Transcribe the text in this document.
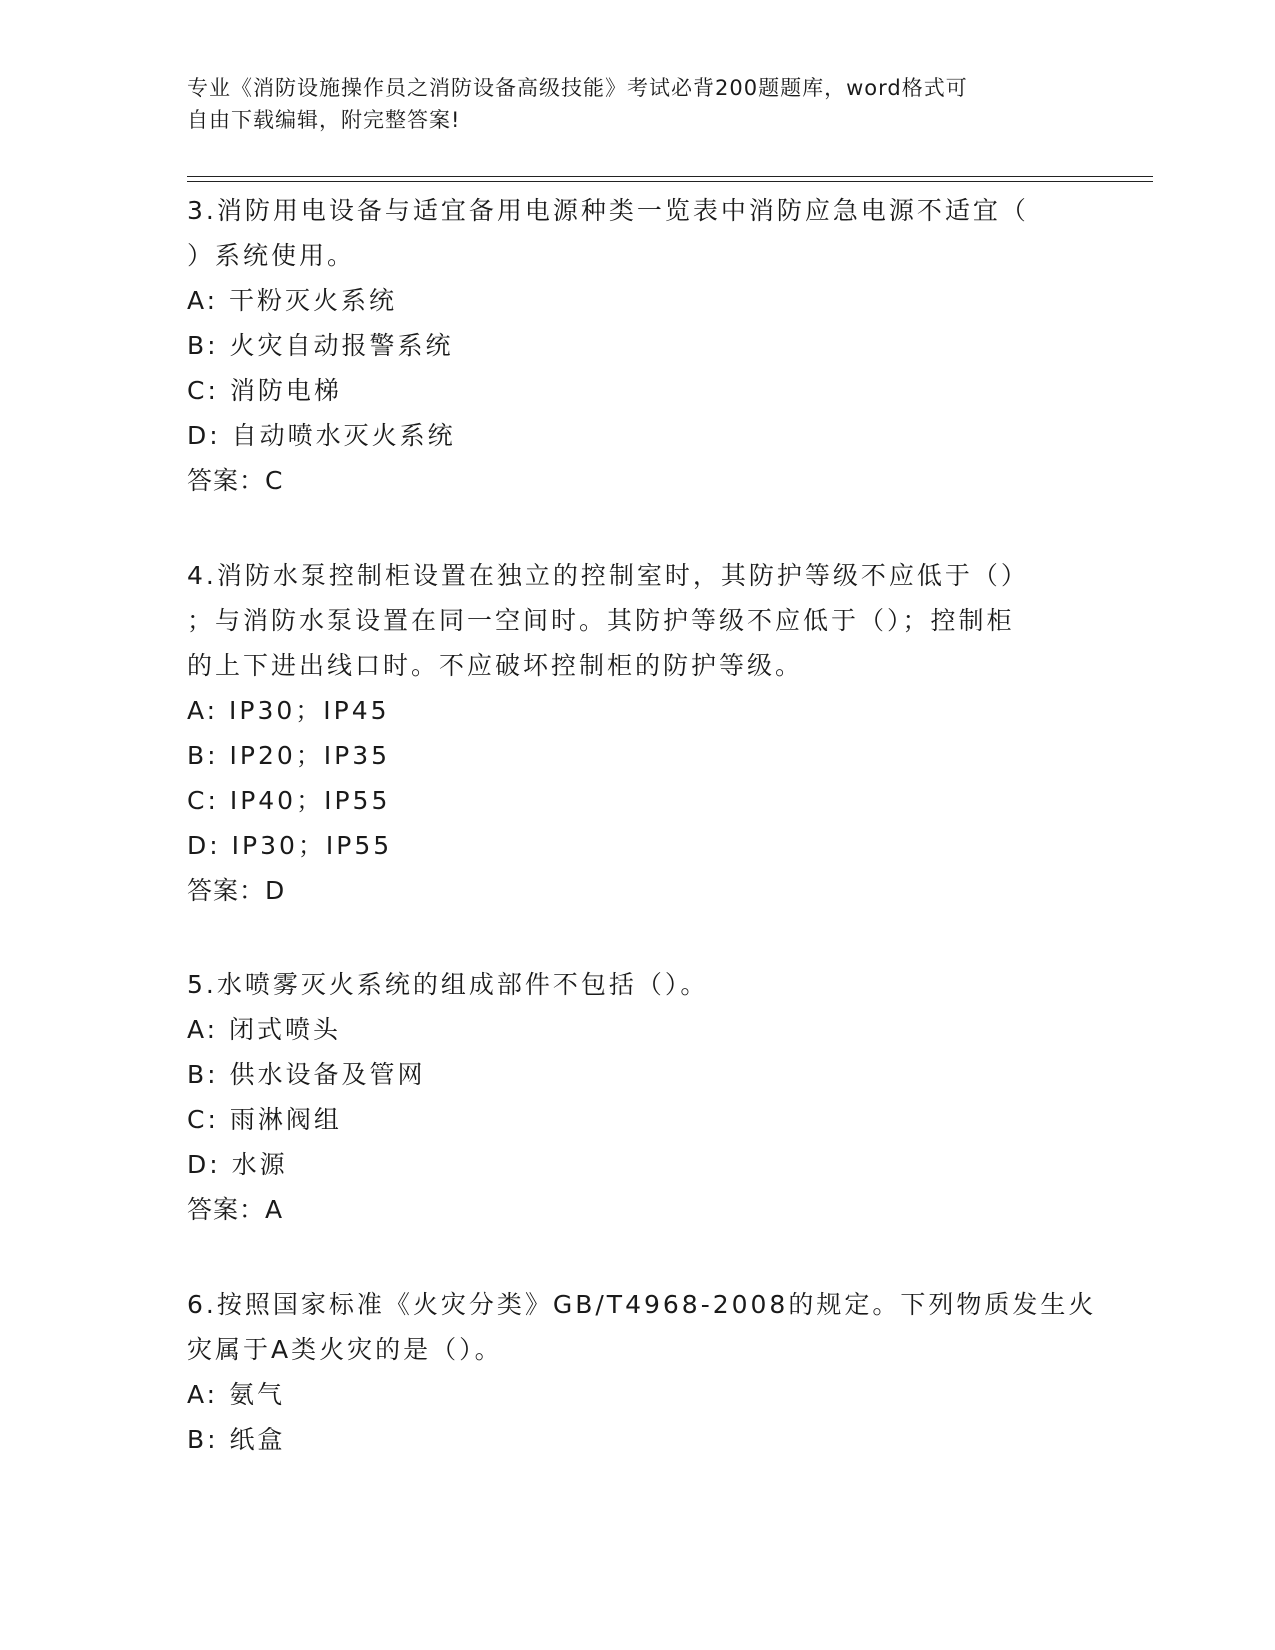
专业《消防设施操作员之消防设备高级技能》考试必背200题题库，word格式可
自由下载编辑，附完整答案!
3.消防用电设备与适宜备用电源种类一览表中消防应急电源不适宜（
）系统使用。
A: 干粉灭火系统
B: 火灾自动报警系统
C: 消防电梯
D: 自动喷水灭火系统
答案：C
4.消防水泵控制柜设置在独立的控制室时，其防护等级不应低于（）
；与消防水泵设置在同一空间时。其防护等级不应低于（）；控制柜
的上下进出线口时。不应破坏控制柜的防护等级。
A: IP30；IP45
B: IP20；IP35
C: IP40；IP55
D: IP30；IP55
答案：D
5.水喷雾灭火系统的组成部件不包括（）。
A: 闭式喷头
B: 供水设备及管网
C: 雨淋阀组
D: 水源
答案：A
6.按照国家标准《火灾分类》GB/T4968-2008的规定。下列物质发生火
灾属于A类火灾的是（）。
A: 氨气
B: 纸盒
